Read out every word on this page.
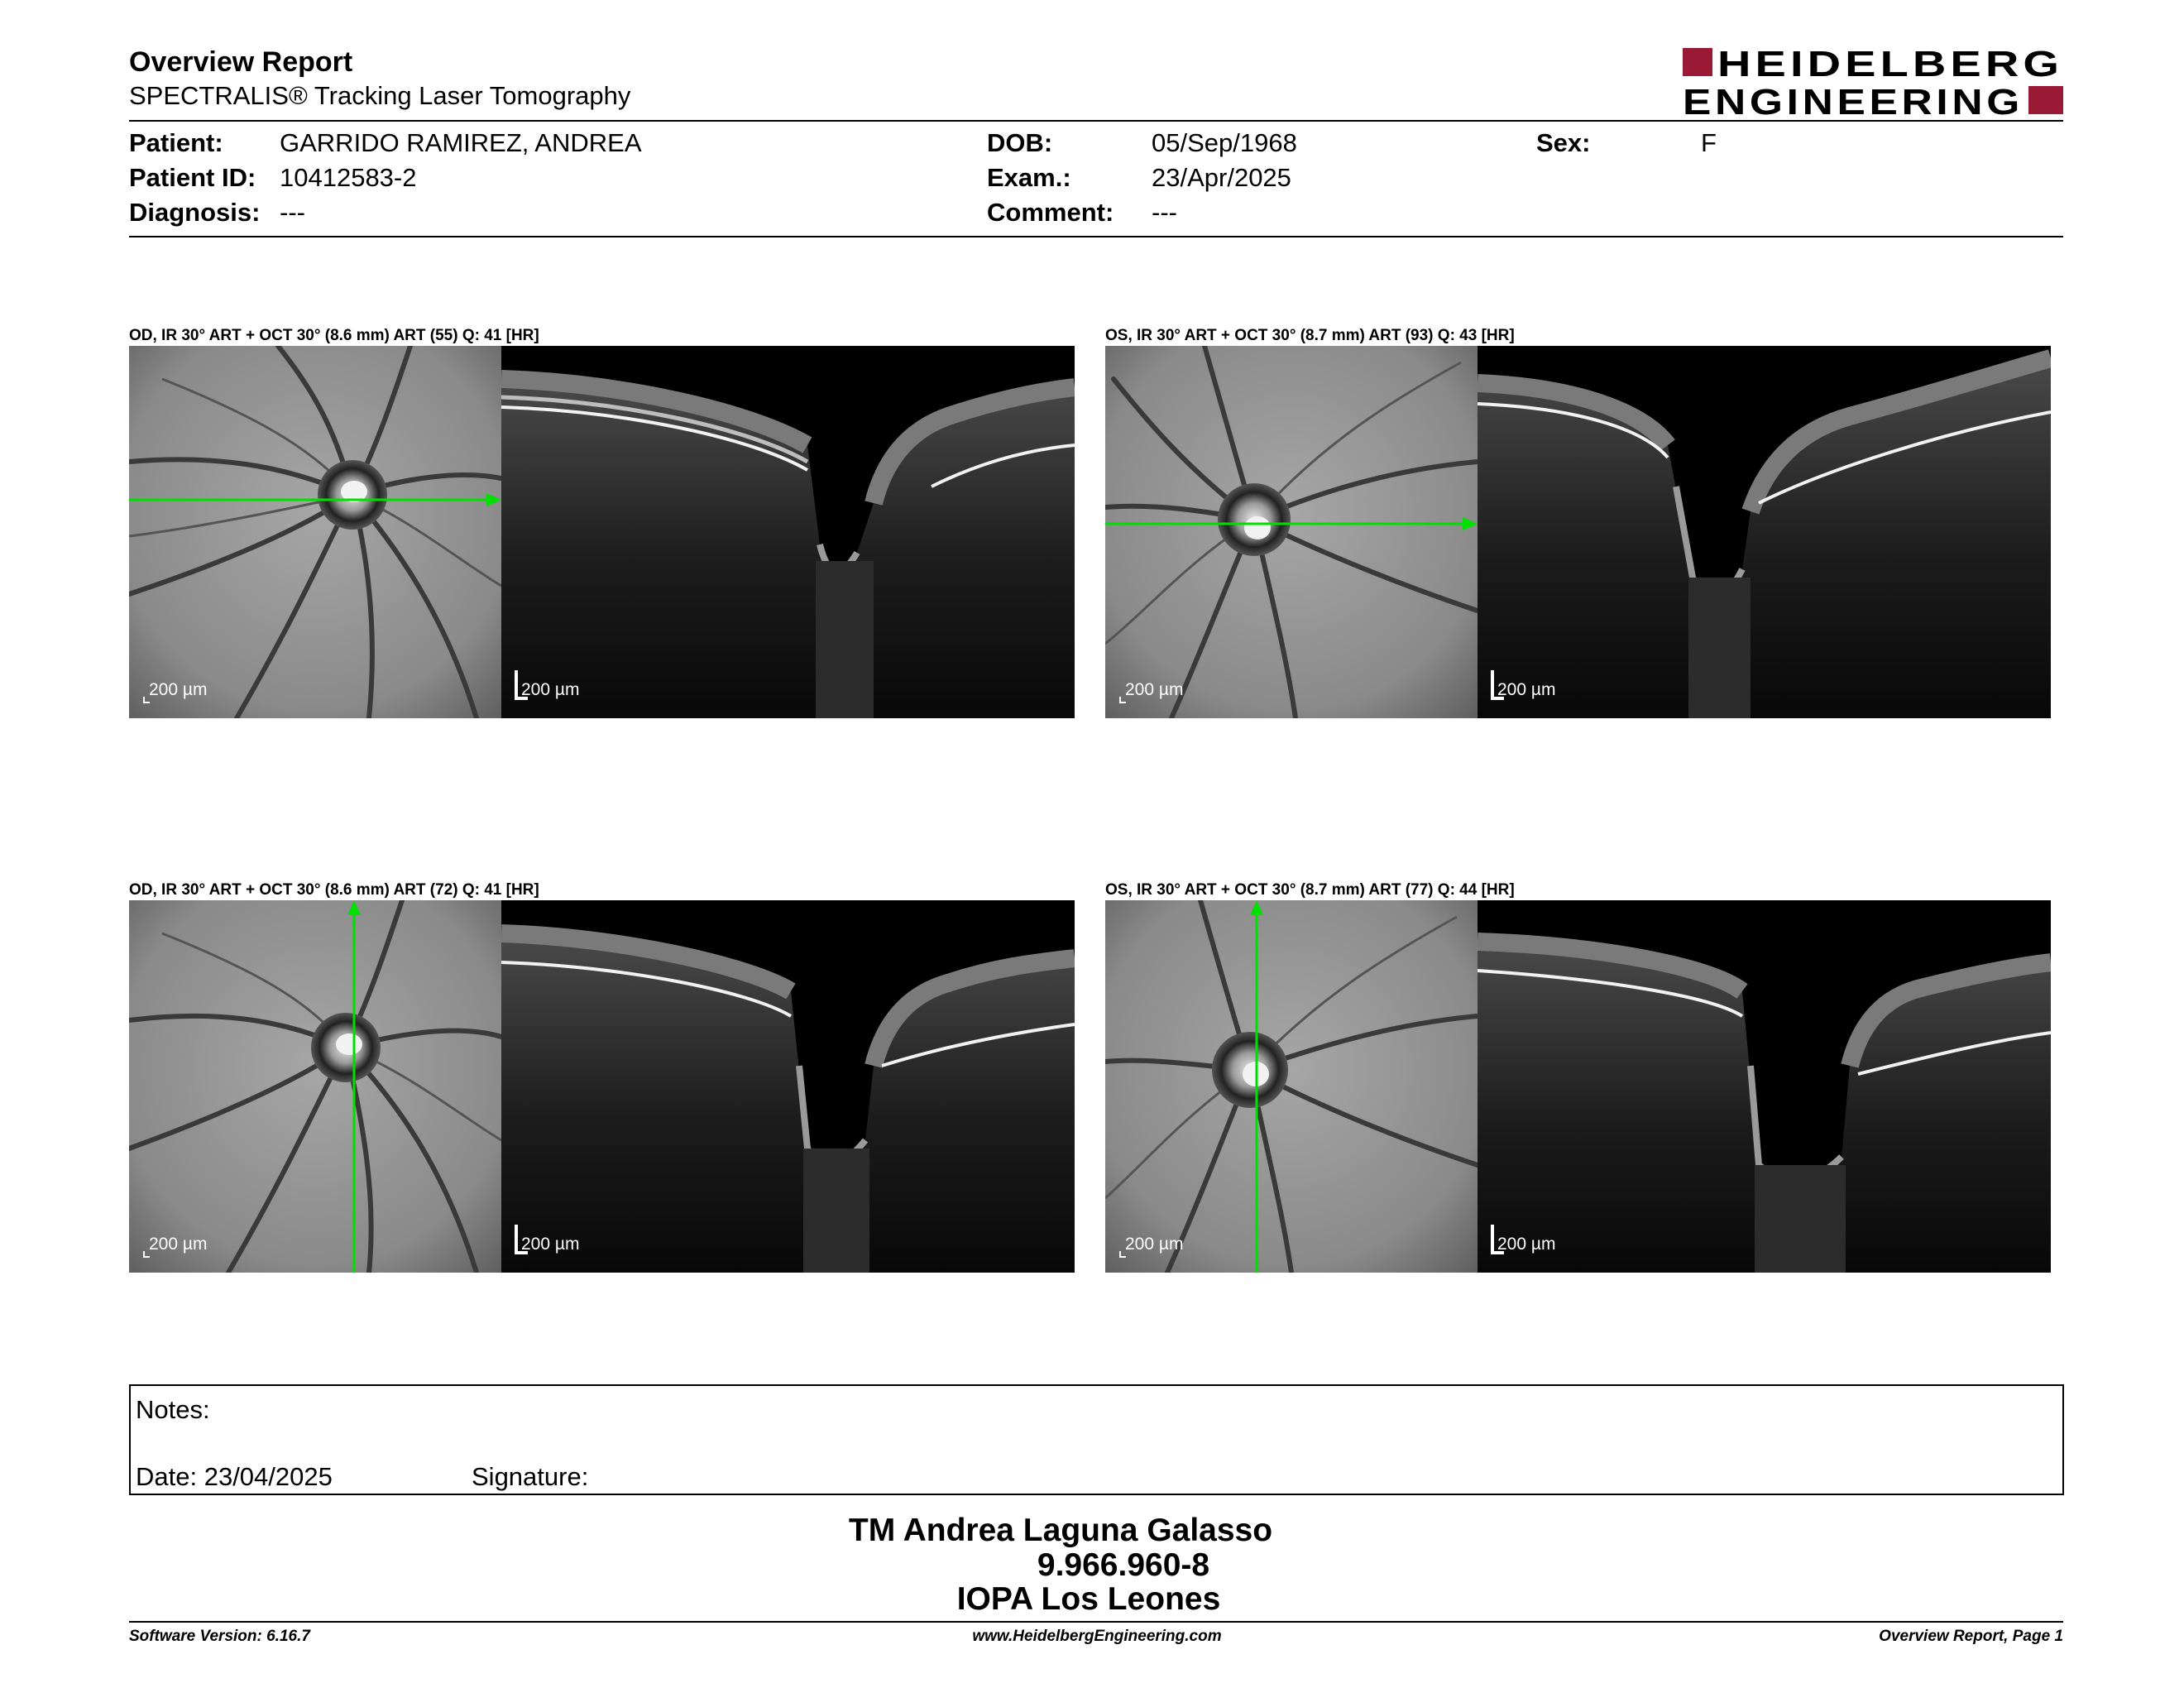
Overview Report
SPECTRALIS® Tracking Laser Tomography
HEIDELBERG
ENGINEERING
Patient: GARRIDO RAMIREZ, ANDREA
Patient ID: 10412583-2
Diagnosis: ---
DOB:	05/Sep/1968
Exam.:	23/Apr/2025
Comment: ---
Sex:	F
OD, IR 30° ART + OCT 30° (8.6 mm) ART (55) Q: 41 [HR]
200 µm	200 µm
OS, IR 30° ART + OCT 30° (8.7 mm) ART (93) Q: 43 [HR]
200 µm	200 µm
OD, IR 30° ART + OCT 30° (8.6 mm) ART (72) Q: 41 [HR]
200 µm	200 µm
OS, IR 30° ART + OCT 30° (8.7 mm) ART (77) Q: 44 [HR]
200 µm	200 µm
Notes:
Date: 23/04/2025	Signature:
TM Andrea Laguna Galasso
9.966.960-8
IOPA Los Leones
Software Version: 6.16.7	www.HeidelbergEngineering.com	Overview Report, Page 1
